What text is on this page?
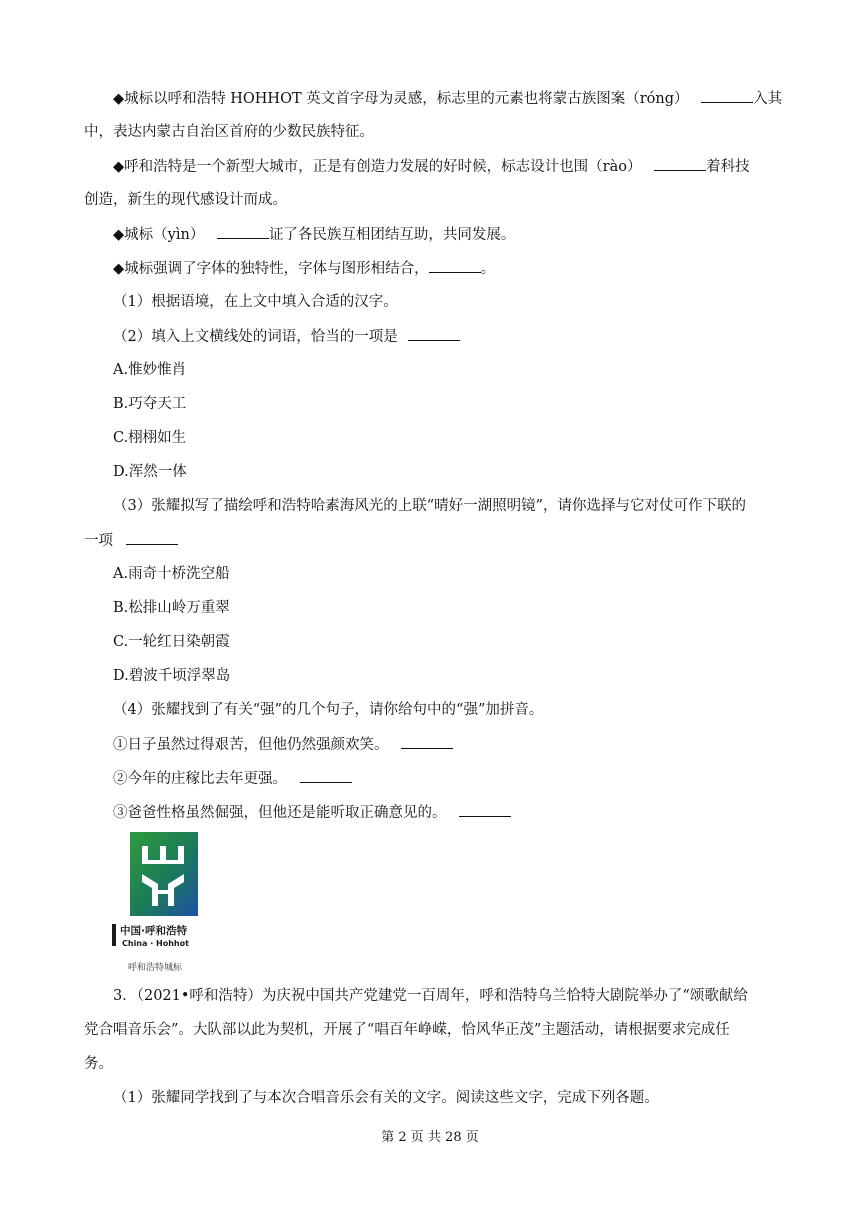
◆城标以呼和浩特 HOHHOT 英文首字母为灵感，标志里的元素也将蒙古族图案（róng）	入其
中，表达内蒙古自治区首府的少数民族特征。
◆呼和浩特是一个新型大城市，正是有创造力发展的好时候，标志设计也围（rào）	着科技
创造，新生的现代感设计而成。
◆城标（yìn）	证了各民族互相团结互助，共同发展。
◆城标强调了字体的独特性，字体与图形相结合，	。
（1）根据语境，在上文中填入合适的汉字。
（2）填入上文横线处的词语，恰当的一项是
A.惟妙惟肖
B.巧夺天工
C.栩栩如生
D.浑然一体
（3）张耀拟写了描绘呼和浩特哈素海风光的上联“晴好一湖照明镜”，请你选择与它对仗可作下联的
一项
A.雨奇十桥洗空船
B.松排山岭万重翠
C.一轮红日染朝霞
D.碧波千顷浮翠岛
（4）张耀找到了有关“强”的几个句子，请你给句中的“强”加拼音。
①日子虽然过得艰苦，但他仍然强颜欢笑。
②今年的庄稼比去年更强。
③爸爸性格虽然倔强，但他还是能听取正确意见的。
中国·呼和浩特
China · Hohhot
呼和浩特城标
3．（2021•呼和浩特）为庆祝中国共产党建党一百周年，呼和浩特乌兰恰特大剧院举办了“颂歌献给
党合唱音乐会”。大队部以此为契机，开展了“唱百年峥嵘，恰风华正茂”主题活动，请根据要求完成任
务。
（1）张耀同学找到了与本次合唱音乐会有关的文字。阅读这些文字，完成下列各题。
第 2 页 共 28 页
